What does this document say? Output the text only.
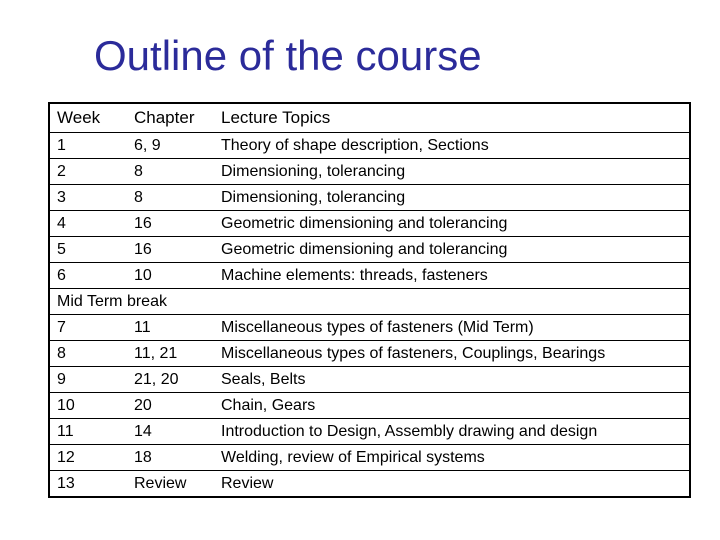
Outline of the course
Week	Chapter	Lecture Topics
1	6, 9	Theory of shape description, Sections
2	8	Dimensioning, tolerancing
3	8	Dimensioning, tolerancing
4	16	Geometric dimensioning and tolerancing
5	16	Geometric dimensioning and tolerancing
6	10	Machine elements: threads, fasteners
Mid Term break		
7	11	Miscellaneous types of fasteners (Mid Term)
8	11, 21	Miscellaneous types of fasteners, Couplings, Bearings
9	21, 20	Seals, Belts
10	20	Chain, Gears
11	14	Introduction to Design, Assembly drawing and design
12	18	Welding, review of Empirical systems
13	Review	Review
